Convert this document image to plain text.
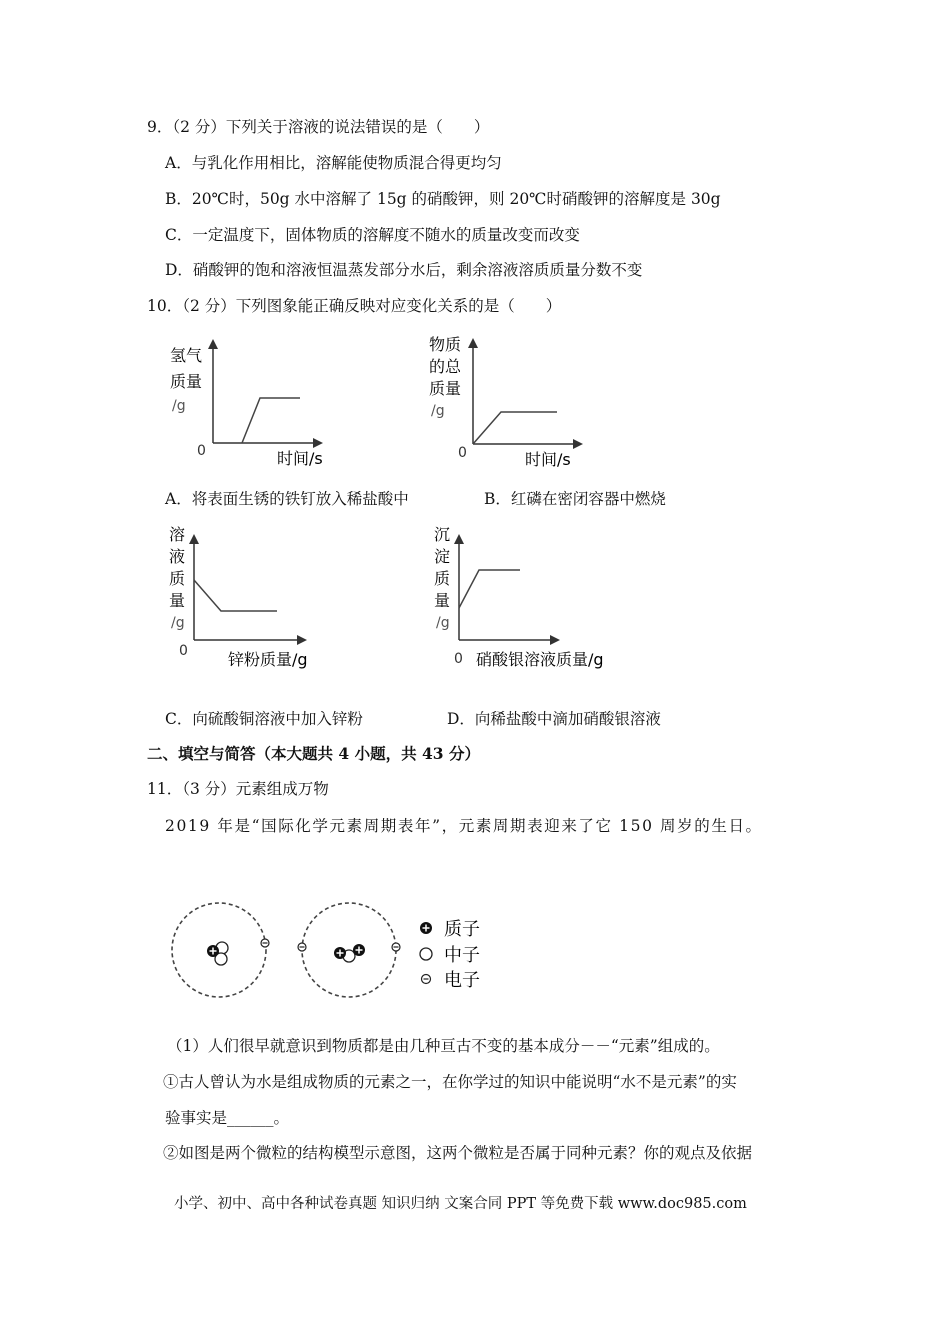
9．（2 分）下列关于溶液的说法错误的是（　　）
A．与乳化作用相比，溶解能使物质混合得更均匀
B．20℃时，50g 水中溶解了 15g 的硝酸钾，则 20℃时硝酸钾的溶解度是 30g
C．一定温度下，固体物质的溶解度不随水的质量改变而改变
D．硝酸钾的饱和溶液恒温蒸发部分水后，剩余溶液溶质质量分数不变
10．（2 分）下列图象能正确反映对应变化关系的是（　　）
氢气
质量
/g
0	时间/s
物质
的总
质量
/g
0	时间/s
A．将表面生锈的铁钉放入稀盐酸中	B．红磷在密闭容器中燃烧
溶
液
质
量
/g
0	锌粉质量/g
沉
淀
质
量
/g
0 硝酸银溶液质量/g
C．向硫酸铜溶液中加入锌粉	D．向稀盐酸中滴加硝酸银溶液
二、填空与简答（本大题共 4 小题，共 43 分）
11．（3 分）元素组成万物
2019 年是“国际化学元素周期表年”，元素周期表迎来了它 150 周岁的生日。
质子
中子
电子
（1）人们很早就意识到物质都是由几种亘古不变的基本成分－－“元素”组成的。
①古人曾认为水是组成物质的元素之一，在你学过的知识中能说明“水不是元素”的实
验事实是______。
②如图是两个微粒的结构模型示意图，这两个微粒是否属于同种元素？你的观点及依据
小学、初中、高中各种试卷真题 知识归纳 文案合同 PPT 等免费下载 www.doc985.com
